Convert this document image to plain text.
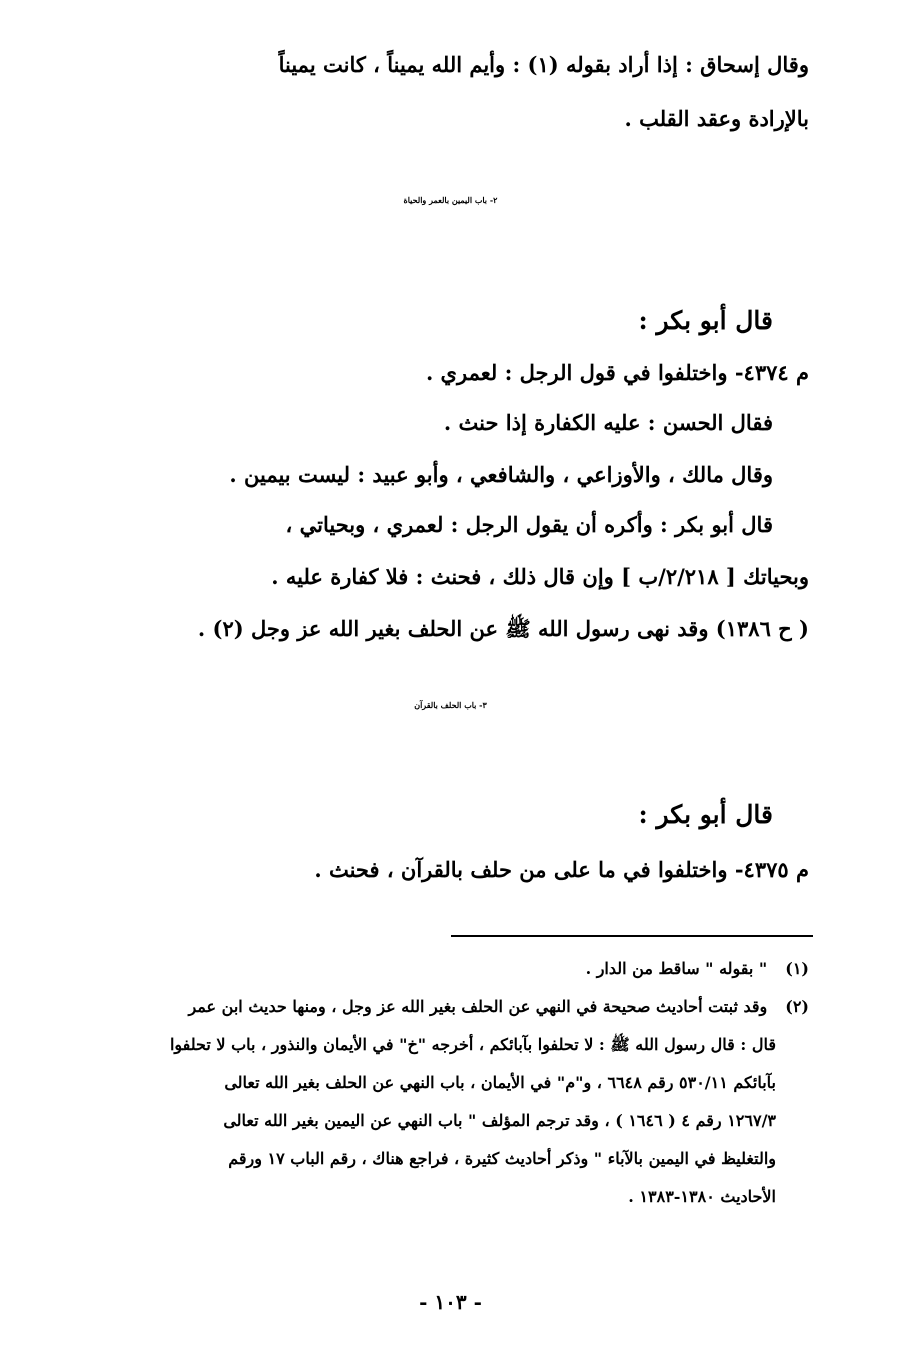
وقال إسحاق : إذا أراد بقوله (١) : وأيم الله يميناً ، كانت يميناً
بالإرادة وعقد القلب .
٢- باب اليمين بالعمر والحياة
قال أبو بكر :
م ٤٣٧٤- واختلفوا في قول الرجل : لعمري .
فقال الحسن : عليه الكفارة إذا حنث .
وقال مالك ، والأوزاعي ، والشافعي ، وأبو عبيد : ليست بيمين .
قال أبو بكر : وأكره أن يقول الرجل : لعمري ، وبحياتي ،
وبحياتك [ ٢/٢١٨/ب ] وإن قال ذلك ، فحنث : فلا كفارة عليه .
( ح ١٣٨٦) وقد نهى رسول الله ﷺ عن الحلف بغير الله عز وجل (٢) .
٣- باب الحلف بالقرآن
قال أبو بكر :
م ٤٣٧٥- واختلفوا في ما على من حلف بالقرآن ، فحنث .
(١)" بقوله " ساقط من الدار .
(٢)وقد ثبتت أحاديث صحيحة في النهي عن الحلف بغير الله عز وجل ، ومنها حديث ابن عمر
قال : قال رسول الله ﷺ : لا تحلفوا بآبائكم ، أخرجه "خ" في الأيمان والنذور ، باب لا تحلفوا
بآبائكم ٥٣٠/١١ رقم ٦٦٤٨ ، و"م" في الأيمان ، باب النهي عن الحلف بغير الله تعالى
١٢٦٧/٣ رقم ٤ ( ١٦٤٦ ) ، وقد ترجم المؤلف " باب النهي عن اليمين بغير الله تعالى
والتغليظ في اليمين بالآباء " وذكر أحاديث كثيرة ، فراجع هناك ، رقم الباب ١٧ ورقم
الأحاديث ١٣٨٠-١٣٨٣ .
- ١٠٣ -
